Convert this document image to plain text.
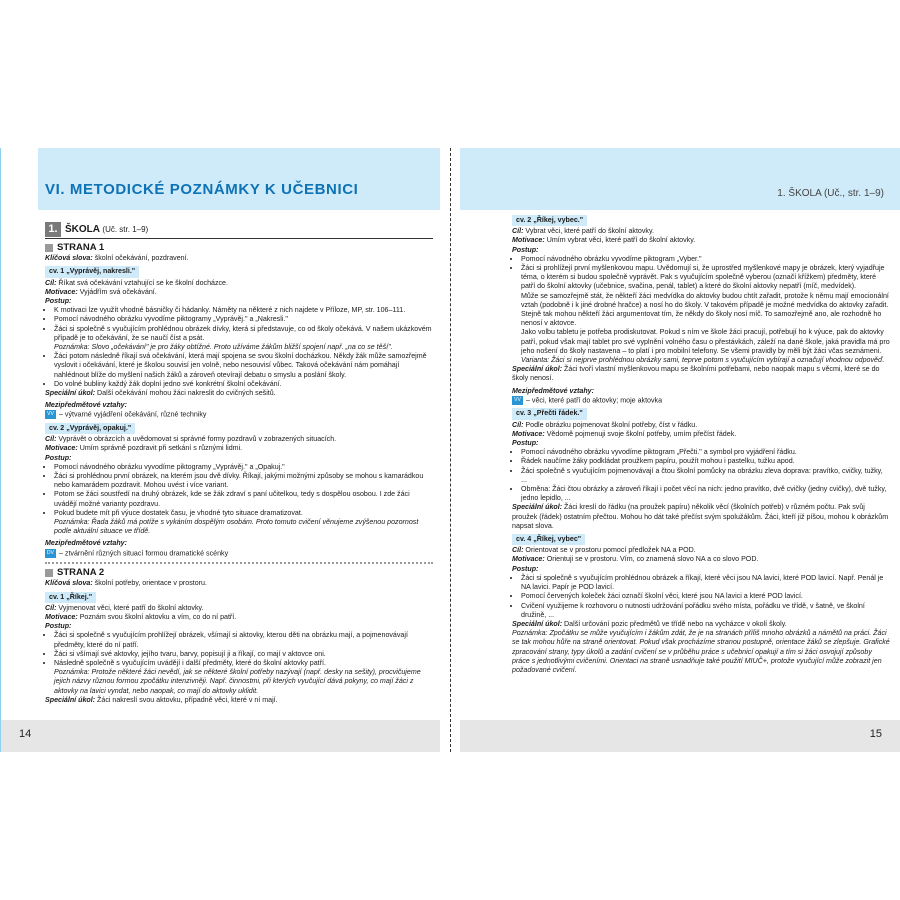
VI. METODICKÉ POZNÁMKY K UČEBNICI
1. ŠKOLA (Uč. str. 1–9)
STRANA 1

Klíčová slova: školní očekávání, pozdravení.

cv. 1 „Vyprávěj, nakresli."

Cíl: Říkat svá očekávání vztahující se ke školní docházce.

Motivace: Vyjádřím svá očekávání.

Postup:

• K motivaci lze využít vhodné básničky či hádanky. Náměty na některé z nich najdete v Příloze, MP, str. 106–111.
• Pomocí návodného obrázku vyvodíme piktogramy „Vyprávěj." a „Nakresli."
• Žáci si společně s vyučujícím prohlédnou obrázek dívky, která si představuje, co od školy očekává. V našem ukázkovém případě je to očekávání, že se naučí číst a psát.

Poznámka: Slovo „očekávání" je pro žáky obtížné. Proto užíváme žákům bližší spojení např. „na co se těší".

• Žáci potom následně říkají svá očekávání, která mají spojena se svou školní docházkou. Někdy žák může samozřejmě vyslovit i očekávání, které je školou souvisí jen volně, nebo nesouvisí vůbec. Taková očekávání nám pomáhají nahlédnout blíže do myšlení našich žáků a zároveň otevírají debatu o smyslu a poslání školy.
• Do volné bubliny každý žák doplní jedno své konkrétní školní očekávání.

Speciální úkol: Další očekávání mohou žáci nakreslit do cvičných sešitů.

Mezipředmětové vztahy:

VV – výtvarné vyjádření očekávání, různé techniky

cv. 2 „Vyprávěj, opakuj."

Cíl: Vyprávět o obrázcích a uvědomovat si správné formy pozdravů v zobrazených situacích.

Motivace: Umím správně pozdravit při setkání s různými lidmi.

Postup:

• Pomocí návodného obrázku vyvodíme piktogramy „Vyprávěj." a „Opakuj."
• Žáci si prohlédnou první obrázek, na kterém jsou dvě dívky. Říkají, jakými možnými způsoby se mohou s kamarádkou nebo kamarádem pozdravit. Mohou uvést i více variant.
• Potom se žáci soustředí na druhý obrázek, kde se žák zdraví s paní učitelkou, tedy s dospělou osobou. I zde žáci uvádějí možné varianty pozdravu.
• Pokud budete mít při výuce dostatek času, je vhodné tyto situace dramatizovat.

Poznámka: Řada žáků má potíže s vykáním dospělým osobám. Proto tomuto cvičení věnujeme zvýšenou pozornost podle aktuální situace ve třídě.

Mezipředmětové vztahy:

DV – ztvárnění různých situací formou dramatické scénky

STRANA 2

Klíčová slova: školní potřeby, orientace v prostoru.

cv. 1 „Říkej."

Cíl: Vyjmenovat věci, které patří do školní aktovky.

Motivace: Poznám svou školní aktovku a vím, co do ní patří.

Postup:

• Žáci si společně s vyučujícím prohlížejí obrázek, všímají si aktovky, kterou děti na obrázku mají, a pojmenovávají předměty, které do ní patří.
• Žáci si všímají své aktovky, jejího tvaru, barvy, popisují ji a říkají, co mají v aktovce oni.
• Následně společně s vyučujícím uvádějí i další předměty, které do školní aktovky patří.

Poznámka: Protože některé žáci nevědí, jak se některé školní potřeby nazývají (např. desky na sešity), procvičujeme jejich názvy různou formou zpočátku intenzivněji. Např. činnostmi, při kterých vyučující dává pokyny, co mají žáci z aktovky na lavici vyndat, nebo naopak, co mají do aktovky uklidit.

Speciální úkol: Žáci nakreslí svou aktovku, případně věci, které v ní mají.

14
1. ŠKOLA (Uč., str. 1–9)
cv. 2 „Říkej, vybec."

Cíl: Vybrat věci, které patří do školní aktovky.

Motivace: Umím vybrat věci, které patří do školní aktovky.

Postup:

• Pomocí návodného obrázku vyvodíme piktogram „Vyber."
• Žáci si prohlížejí první myšlenkovou mapu. Uvědomují si, že uprostřed myšlenkové mapy je obrázek, který vyjadřuje téma, o kterém si budou společně vyprávět. Pak s vyučujícím společně vyberou (označí křížkem) předměty, které patří do školní aktovky (učebnice, svačina, penál, tablet) a které do školní aktovky nepatří (míč, medvídek).

Může se samozřejmě stát, že někteří žáci medvídka do aktovky budou chtít zařadit, protože k němu mají emocionální vztah (podobně i k jiné drobné hračce) a nosí ho do školy. V takovém případě je možné medvídka do aktovky zařadit.

Stejně tak mohou někteří žáci argumentovat tím, že někdy do školy nosí míč. To samozřejmě ano, ale rozhodně ho nenosí v aktovce.

Jako volbu tabletu je potřeba prodiskutovat. Pokud s ním ve škole žáci pracují, potřebují ho k výuce, pak do aktovky patří, pokud však mají tablet pro své vyplnění volného času o přestávkách, záleží na dané škole, jaká pravidla má pro jeho nošení do školy nastavena – to platí i pro mobilní telefony. Se všemi pravidly by měli být žáci včas seznámeni.

Varianta: Žáci si nejprve prohlédnou obrázky sami, teprve potom s vyučujícím vybírají a označují vhodnou odpověď.

Speciální úkol: Žáci tvoří vlastní myšlenkovou mapu se školními potřebami, nebo naopak mapu s věcmi, které se do školy nenosí.

Mezipředmětové vztahy:

VV – věci, které patří do aktovky; moje aktovka

cv. 3 „Přečti řádek."

Cíl: Podle obrázku pojmenovat školní potřeby, číst v řádku.

Motivace: Vědomě pojmenuji svoje školní potřeby, umím přečíst řádek.

Postup:

• Pomocí návodného obrázku vyvodíme piktogram „Přečti." a symbol pro vyjádření řádku.
• Řádek naučíme žáky podkládat proužkem papíru, použít mohou i pastelku, tužku apod.
• Žáci společně s vyučujícím pojmenovávají a čtou školní pomůcky na obrázku zleva doprava: pravítko, cvičky, tužky, ...
• Obměna: Žáci čtou obrázky a zároveň říkají i počet věcí na nich: jedno pravítko, dvě cvičky (jedny cvičky), dvě tužky, jedno lepidlo, ...

Speciální úkol: Žáci kreslí do řádku (na proužek papíru) několik věcí (školních potřeb) v různém počtu. Pak svůj proužek (řádek) ostatním přečtou. Mohou ho dát také přečíst svým spolužákům. Žáci, kteří již píšou, mohou k obrázkům napsat slova.

cv. 4 „Říkej, vybec"

Cíl: Orientovat se v prostoru pomocí předložek NA a POD.

Motivace: Orientuji se v prostoru. Vím, co znamená slovo NA a co slovo POD.

Postup:

• Žáci si společně s vyučujícím prohlédnou obrázek a říkají, které věci jsou NA lavici, které POD lavicí. Např. Penál je NA lavici. Papír je POD lavicí.
• Pomocí červených koleček žáci označí školní věci, které jsou NA lavici a které POD lavicí.
• Cvičení využijeme k rozhovoru o nutnosti udržování pořádku svého místa, pořádku ve třídě, v šatně, ve školní družině, ...

Speciální úkol: Další určování pozic předmětů ve třídě nebo na vycházce v okolí školy.

Poznámka: Zpočátku se může vyučujícím i žákům zdát, že je na stranách příliš mnoho obrázků a námětů na práci. Žáci se tak mohou hůře na straně orientovat. Pokud však procházíme stranou postupně, orientace žáků se zlepšuje. Grafické zpracování strany, typy úkolů a zadání cvičení se v průběhu práce s učebnicí opakují a tím si žáci osvojují způsoby práce s jednotlivými cvičeními. Orientaci na straně usnadňuje také použití MIUČ+, protože vyučující může zobrazit jen požadované cvičení.

15
